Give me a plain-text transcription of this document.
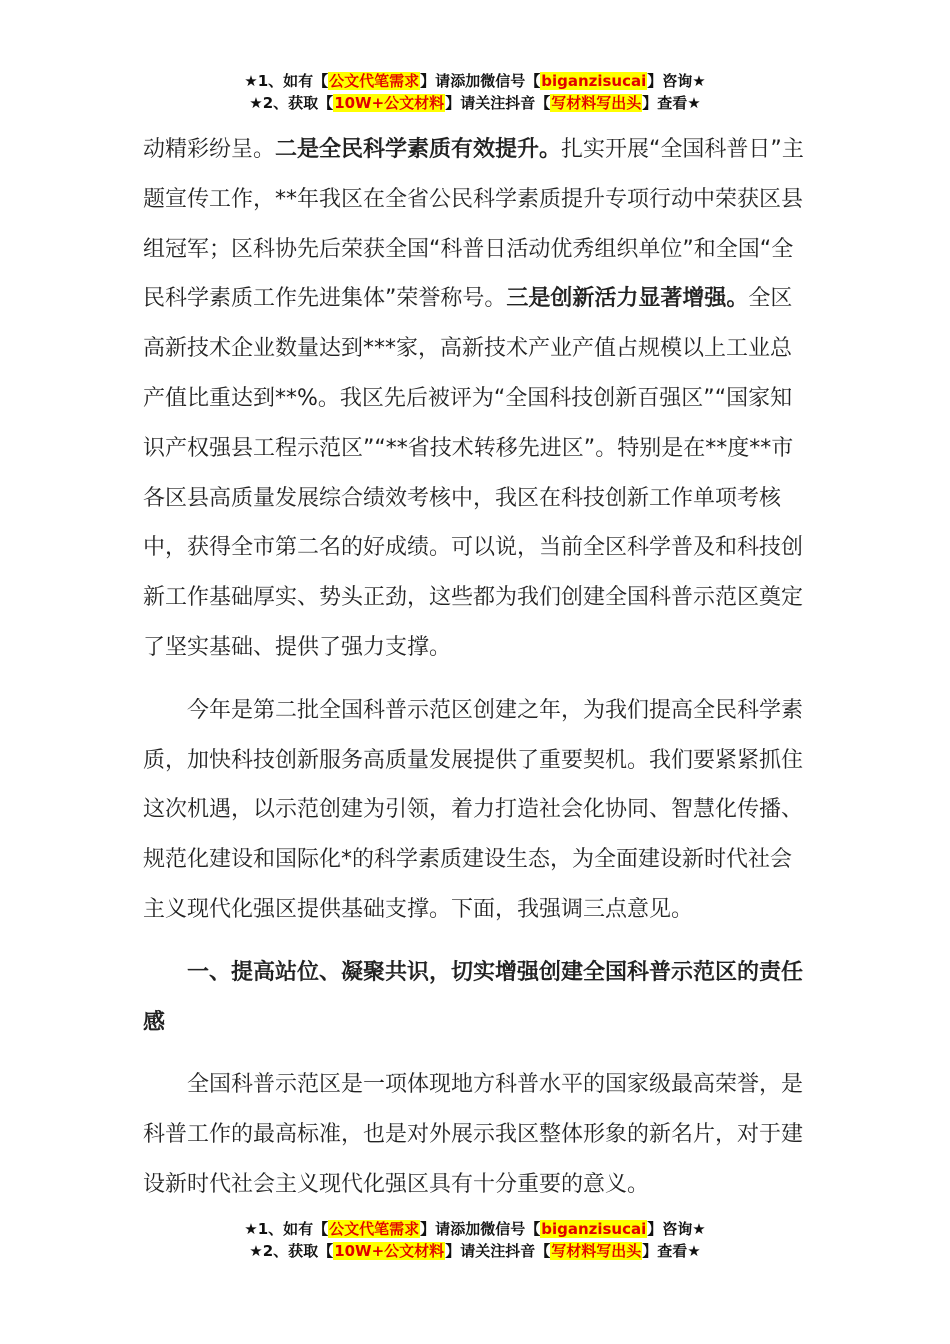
★1、如有【公文代笔需求】请添加微信号【biganzisucai】咨询★
★2、获取【10W+公文材料】请关注抖音【写材料写出头】查看★

动精彩纷呈。二是全民科学素质有效提升。扎实开展“全国科普日”主题宣传工作，**年我区在全省公民科学素质提升专项行动中荣获区县组冠军；区科协先后荣获全国“科普日活动优秀组织单位”和全国“全民科学素质工作先进集体”荣誉称号。三是创新活力显著增强。全区高新技术企业数量达到***家，高新技术产业产值占规模以上工业总产值比重达到**%。我区先后被评为“全国科技创新百强区”“国家知识产权强县工程示范区”“**省技术转移先进区”。特别是在**度**市各区县高质量发展综合绩效考核中，我区在科技创新工作单项考核中，获得全市第二名的好成绩。可以说，当前全区科学普及和科技创新工作基础厚实、势头正劲，这些都为我们创建全国科普示范区奠定了坚实基础、提供了强力支撑。

今年是第二批全国科普示范区创建之年，为我们提高全民科学素质，加快科技创新服务高质量发展提供了重要契机。我们要紧紧抓住这次机遇，以示范创建为引领，着力打造社会化协同、智慧化传播、规范化建设和国际化*的科学素质建设生态，为全面建设新时代社会主义现代化强区提供基础支撑。下面，我强调三点意见。

一、提高站位、凝聚共识，切实增强创建全国科普示范区的责任感

全国科普示范区是一项体现地方科普水平的国家级最高荣誉，是科普工作的最高标准，也是对外展示我区整体形象的新名片，对于建设新时代社会主义现代化强区具有十分重要的意义。

★1、如有【公文代笔需求】请添加微信号【biganzisucai】咨询★
★2、获取【10W+公文材料】请关注抖音【写材料写出头】查看★
